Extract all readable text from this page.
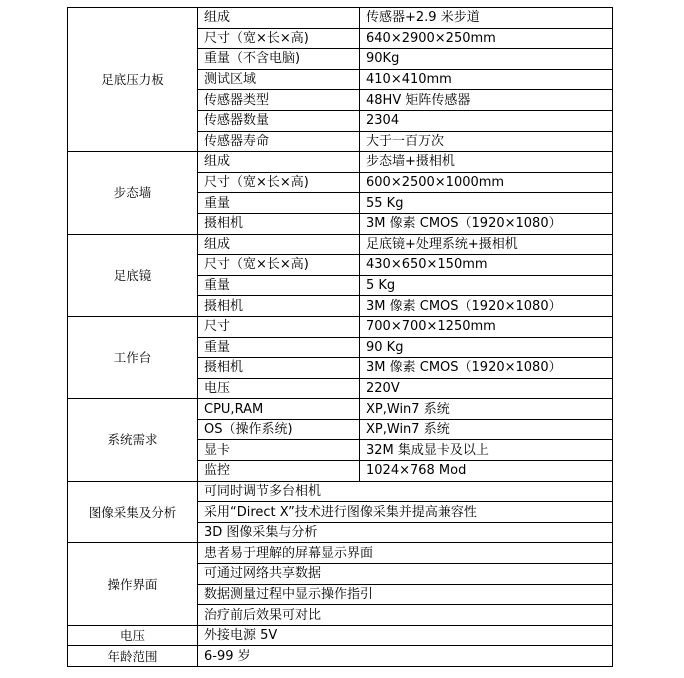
足底压力板	组成	传感器+2.9 米步道
	尺寸（宽×长×高)	640×2900×250mm
	重量（不含电脑)	90Kg
	测试区域	410×410mm
	传感器类型	48HV 矩阵传感器
	传感器数量	2304
	传感器寿命	大于一百万次
步态墙	组成	步态墙+摄相机
	尺寸（宽×长×高)	600×2500×1000mm
	重量	55 Kg
	摄相机	3M 像素 CMOS（1920×1080）
足底镜	组成	足底镜+处理系统+摄相机
	尺寸（宽×长×高)	430×650×150mm
	重量	5 Kg
	摄相机	3M 像素 CMOS（1920×1080）
工作台	尺寸	700×700×1250mm
	重量	90 Kg
	摄相机	3M 像素 CMOS（1920×1080）
	电压	220V
系统需求	CPU,RAM	XP,Win7 系统
	OS（操作系统)	XP,Win7 系统
	显卡	32M 集成显卡及以上
	监控	1024×768 Mod
图像采集及分析	可同时调节多台相机	
	采用“Direct X”技术进行图像采集并提高兼容性	
	3D 图像采集与分析	
操作界面	患者易于理解的屏幕显示界面	
	可通过网络共享数据	
	数据测量过程中显示操作指引	
	治疗前后效果可对比	
电压	外接电源 5V	
年龄范围	6-99 岁	
